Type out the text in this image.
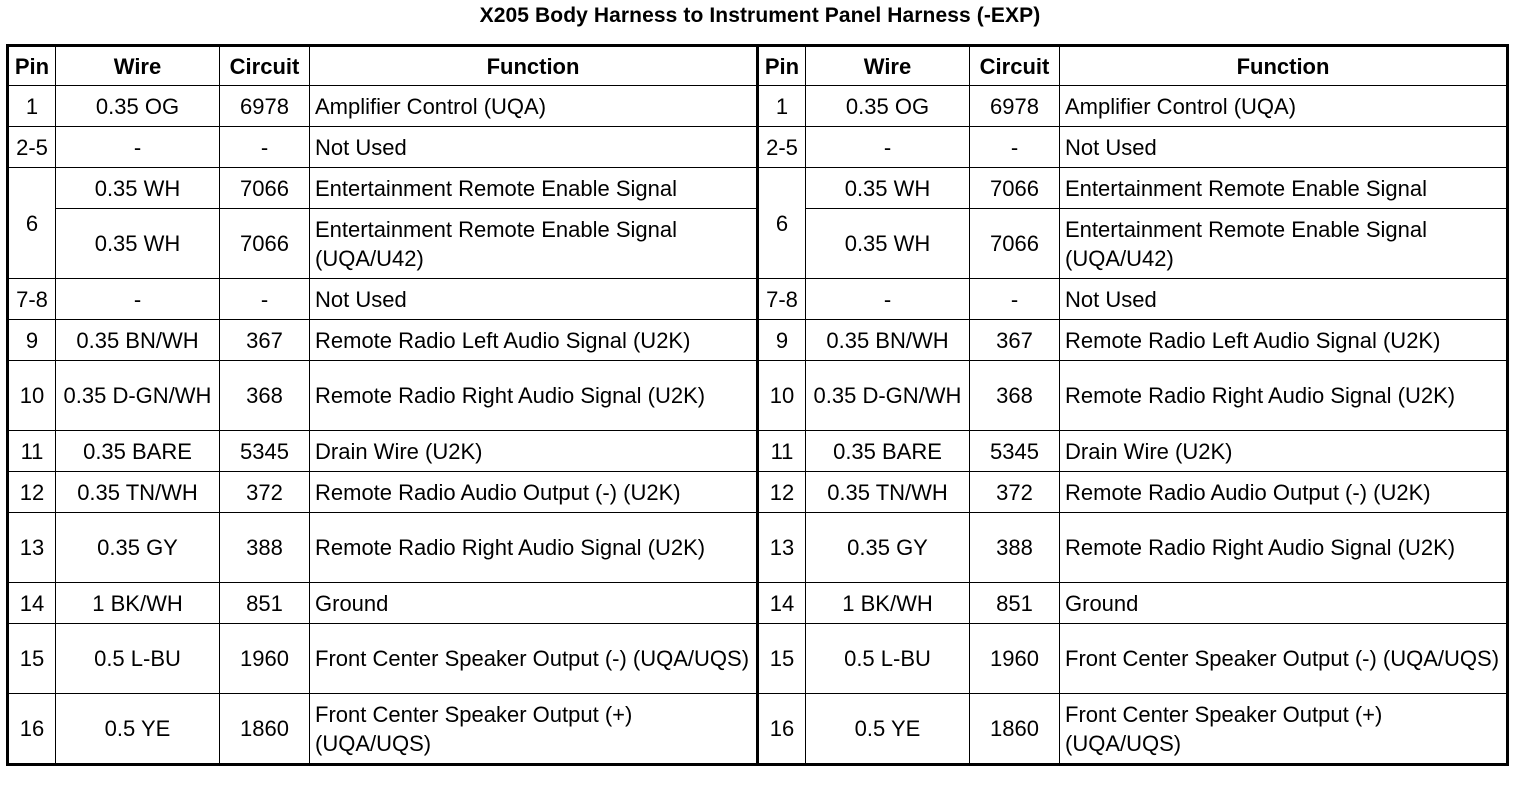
X205 Body Harness to Instrument Panel Harness (-EXP)
Pin	Wire	Circuit	Function	Pin	Wire	Circuit	Function
1	0.35 OG	6978	Amplifier Control (UQA)	1	0.35 OG	6978	Amplifier Control (UQA)
2-5	-	-	Not Used	2-5	-	-	Not Used
6	0.35 WH	7066	Entertainment Remote Enable Signal	6	0.35 WH	7066	Entertainment Remote Enable Signal
	0.35 WH	7066	Entertainment Remote Enable Signal (UQA/U42)		0.35 WH	7066	Entertainment Remote Enable Signal (UQA/U42)
7-8	-	-	Not Used	7-8	-	-	Not Used
9	0.35 BN/WH	367	Remote Radio Left Audio Signal (U2K)	9	0.35 BN/WH	367	Remote Radio Left Audio Signal (U2K)
10	0.35 D-GN/WH	368	Remote Radio Right Audio Signal (U2K)	10	0.35 D-GN/WH	368	Remote Radio Right Audio Signal (U2K)
11	0.35 BARE	5345	Drain Wire (U2K)	11	0.35 BARE	5345	Drain Wire (U2K)
12	0.35 TN/WH	372	Remote Radio Audio Output (-) (U2K)	12	0.35 TN/WH	372	Remote Radio Audio Output (-) (U2K)
13	0.35 GY	388	Remote Radio Right Audio Signal (U2K)	13	0.35 GY	388	Remote Radio Right Audio Signal (U2K)
14	1 BK/WH	851	Ground	14	1 BK/WH	851	Ground
15	0.5 L-BU	1960	Front Center Speaker Output (-) (UQA/UQS)	15	0.5 L-BU	1960	Front Center Speaker Output (-) (UQA/UQS)
16	0.5 YE	1860	Front Center Speaker Output (+) (UQA/UQS)	16	0.5 YE	1860	Front Center Speaker Output (+) (UQA/UQS)
